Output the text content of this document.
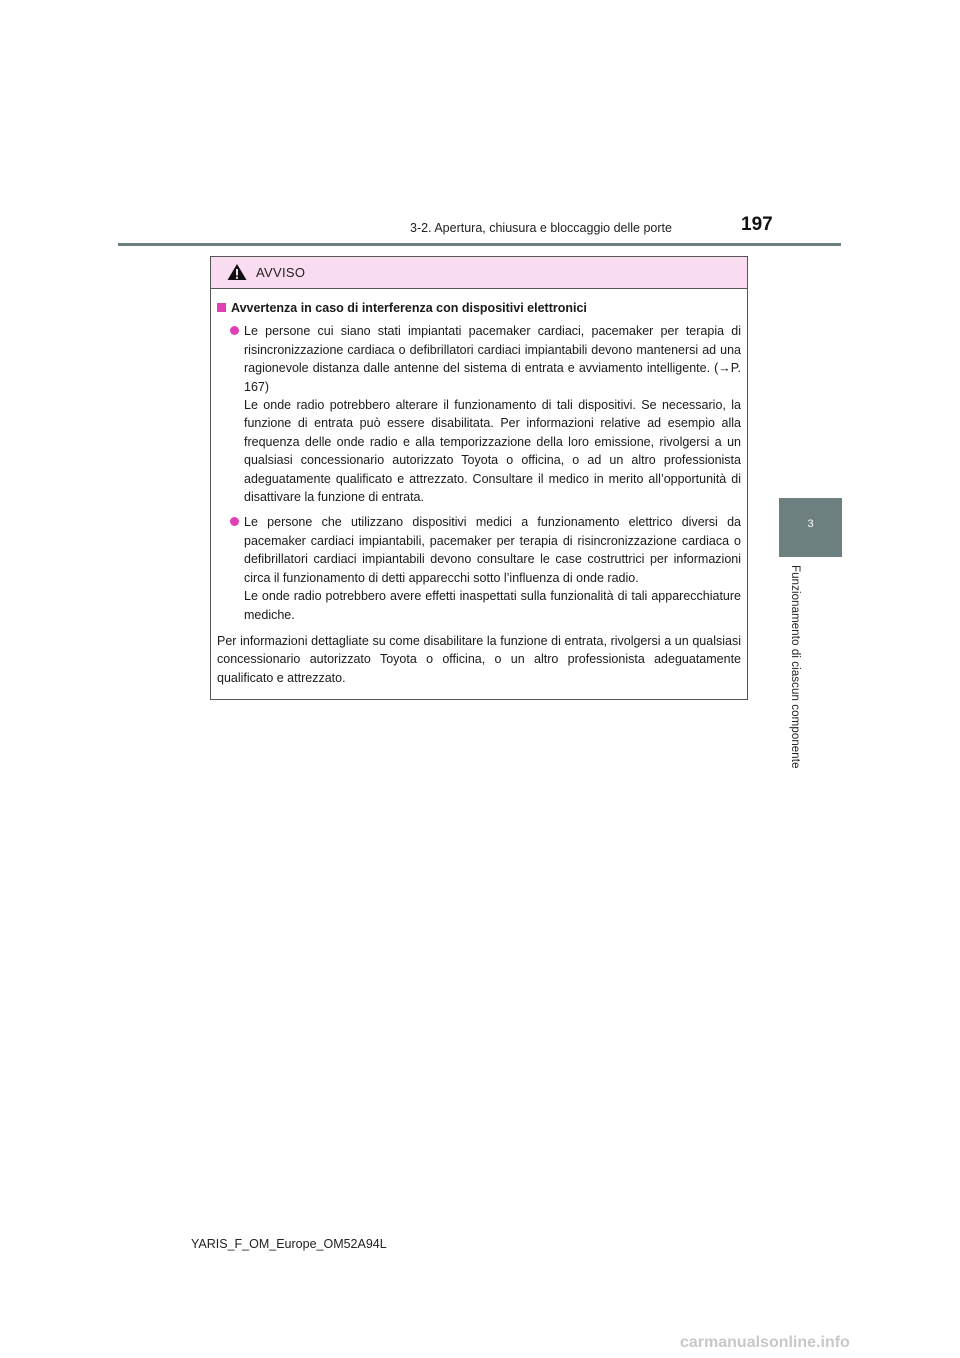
3-2. Apertura, chiusura e bloccaggio delle porte	197
3
Funzionamento di ciascun componente
AVVISO
Avvertenza in caso di interferenza con dispositivi elettronici

Le persone cui siano stati impiantati pacemaker cardiaci, pacemaker per terapia di risincronizzazione cardiaca o defibrillatori cardiaci impiantabili devono mantenersi ad una ragionevole distanza dalle antenne del sistema di entrata e avviamento intelligente. (→P. 167)

Le onde radio potrebbero alterare il funzionamento di tali dispositivi. Se necessario, la funzione di entrata può essere disabilitata. Per informazioni relative ad esempio alla frequenza delle onde radio e alla temporizzazione della loro emissione, rivolgersi a un qualsiasi concessionario autorizzato Toyota o officina, o ad un altro professionista adeguatamente qualificato e attrezzato. Consultare il medico in merito all’opportunità di disattivare la funzione di entrata.

Le persone che utilizzano dispositivi medici a funzionamento elettrico diversi da pacemaker cardiaci impiantabili, pacemaker per terapia di risincronizzazione cardiaca o defibrillatori cardiaci impiantabili devono consultare le case costruttrici per informazioni circa il funzionamento di detti apparecchi sotto l’influenza di onde radio.

Le onde radio potrebbero avere effetti inaspettati sulla funzionalità di tali apparecchiature mediche.

Per informazioni dettagliate su come disabilitare la funzione di entrata, rivolgersi a un qualsiasi concessionario autorizzato Toyota o officina, o un altro professionista adeguatamente qualificato e attrezzato.
YARIS_F_OM_Europe_OM52A94L
carmanualsonline.info
